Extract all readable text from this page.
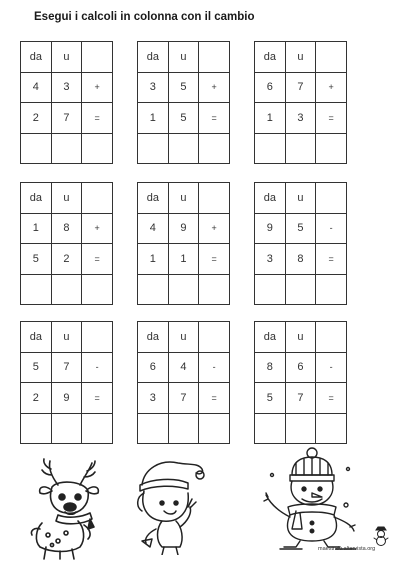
Esegui i calcoli in colonna con il cambio
da	u
4	3	+
2	7	=
da	u
3	5	+
1	5	=
da	u
6	7	+
1	3	=
da	u
1	8	+
5	2	=
da	u
4	9	+
1	1	=
da	u
9	5	-
3	8	=
da	u
5	7	-
2	9	=
da	u
6	4	-
3	7	=
da	u
8	6	-
5	7	=
maestralu.altervista.org
